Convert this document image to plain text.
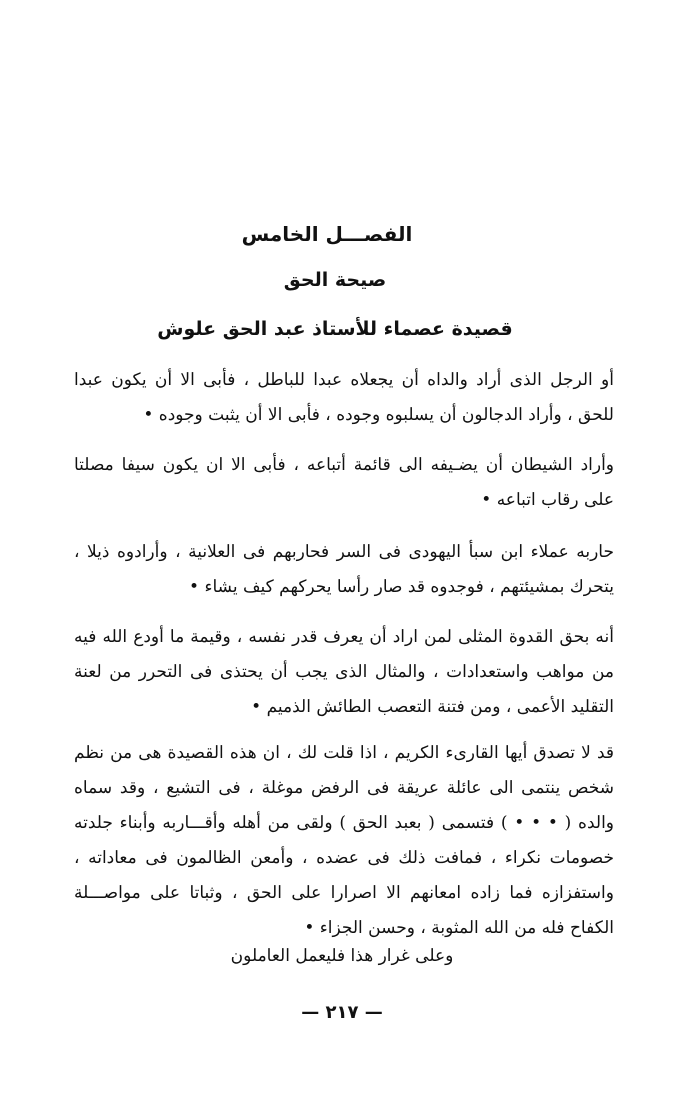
الفصـــل الخامس
صيحة الحق
قصيدة عصماء للأستاذ عبد الحق علوش

أو الرجل الذى أراد والداه أن يجعلاه عبدا للباطل ، فأبى الا أن يكون عبدا للحق ، وأراد الدجالون أن يسلبوه وجوده ، فأبى الا أن يثبت وجوده •

وأراد الشيطان أن يضـيفه الى قائمة أتباعه ، فأبى الا ان يكون سيفا مصلتا على رقاب اتباعه •

حاربه عملاء ابن سبأ اليهودى فى السر فحاربهم فى العلانية ، وأرادوه ذيلا ، يتحرك بمشيئتهم ، فوجدوه قد صار رأسا يحركهم كيف يشاء •

أنه بحق القدوة المثلى لمن اراد أن يعرف قدر نفسه ، وقيمة ما أودع الله فيه من مواهب واستعدادات ، والمثال الذى يجب أن يحتذى فى التحرر من لعنة التقليد الأعمى ، ومن فتنة التعصب الطائش الذميم •

قد لا تصدق أيها القارىء الكريم ، اذا قلت لك ، ان هذه القصيدة هى من نظم شخص ينتمى الى عائلة عريقة فى الرفض موغلة ، فى التشيع ، وقد سماه والده ( • • • ) فتسمى ( بعبد الحق ) ولقى من أهله وأقـــاربه وأبناء جلدته خصومات نكراء ، فمافت ذلك فى عضده ، وأمعن الظالمون فى معاداته ، واستفزازه فما زاده امعانهم الا اصرارا على الحق ، وثباتا على مواصـــلة الكفاح فله من الله المثوبة ، وحسن الجزاء •

وعلى غرار هذا فليعمل العاملون
— ٢١٧ —
